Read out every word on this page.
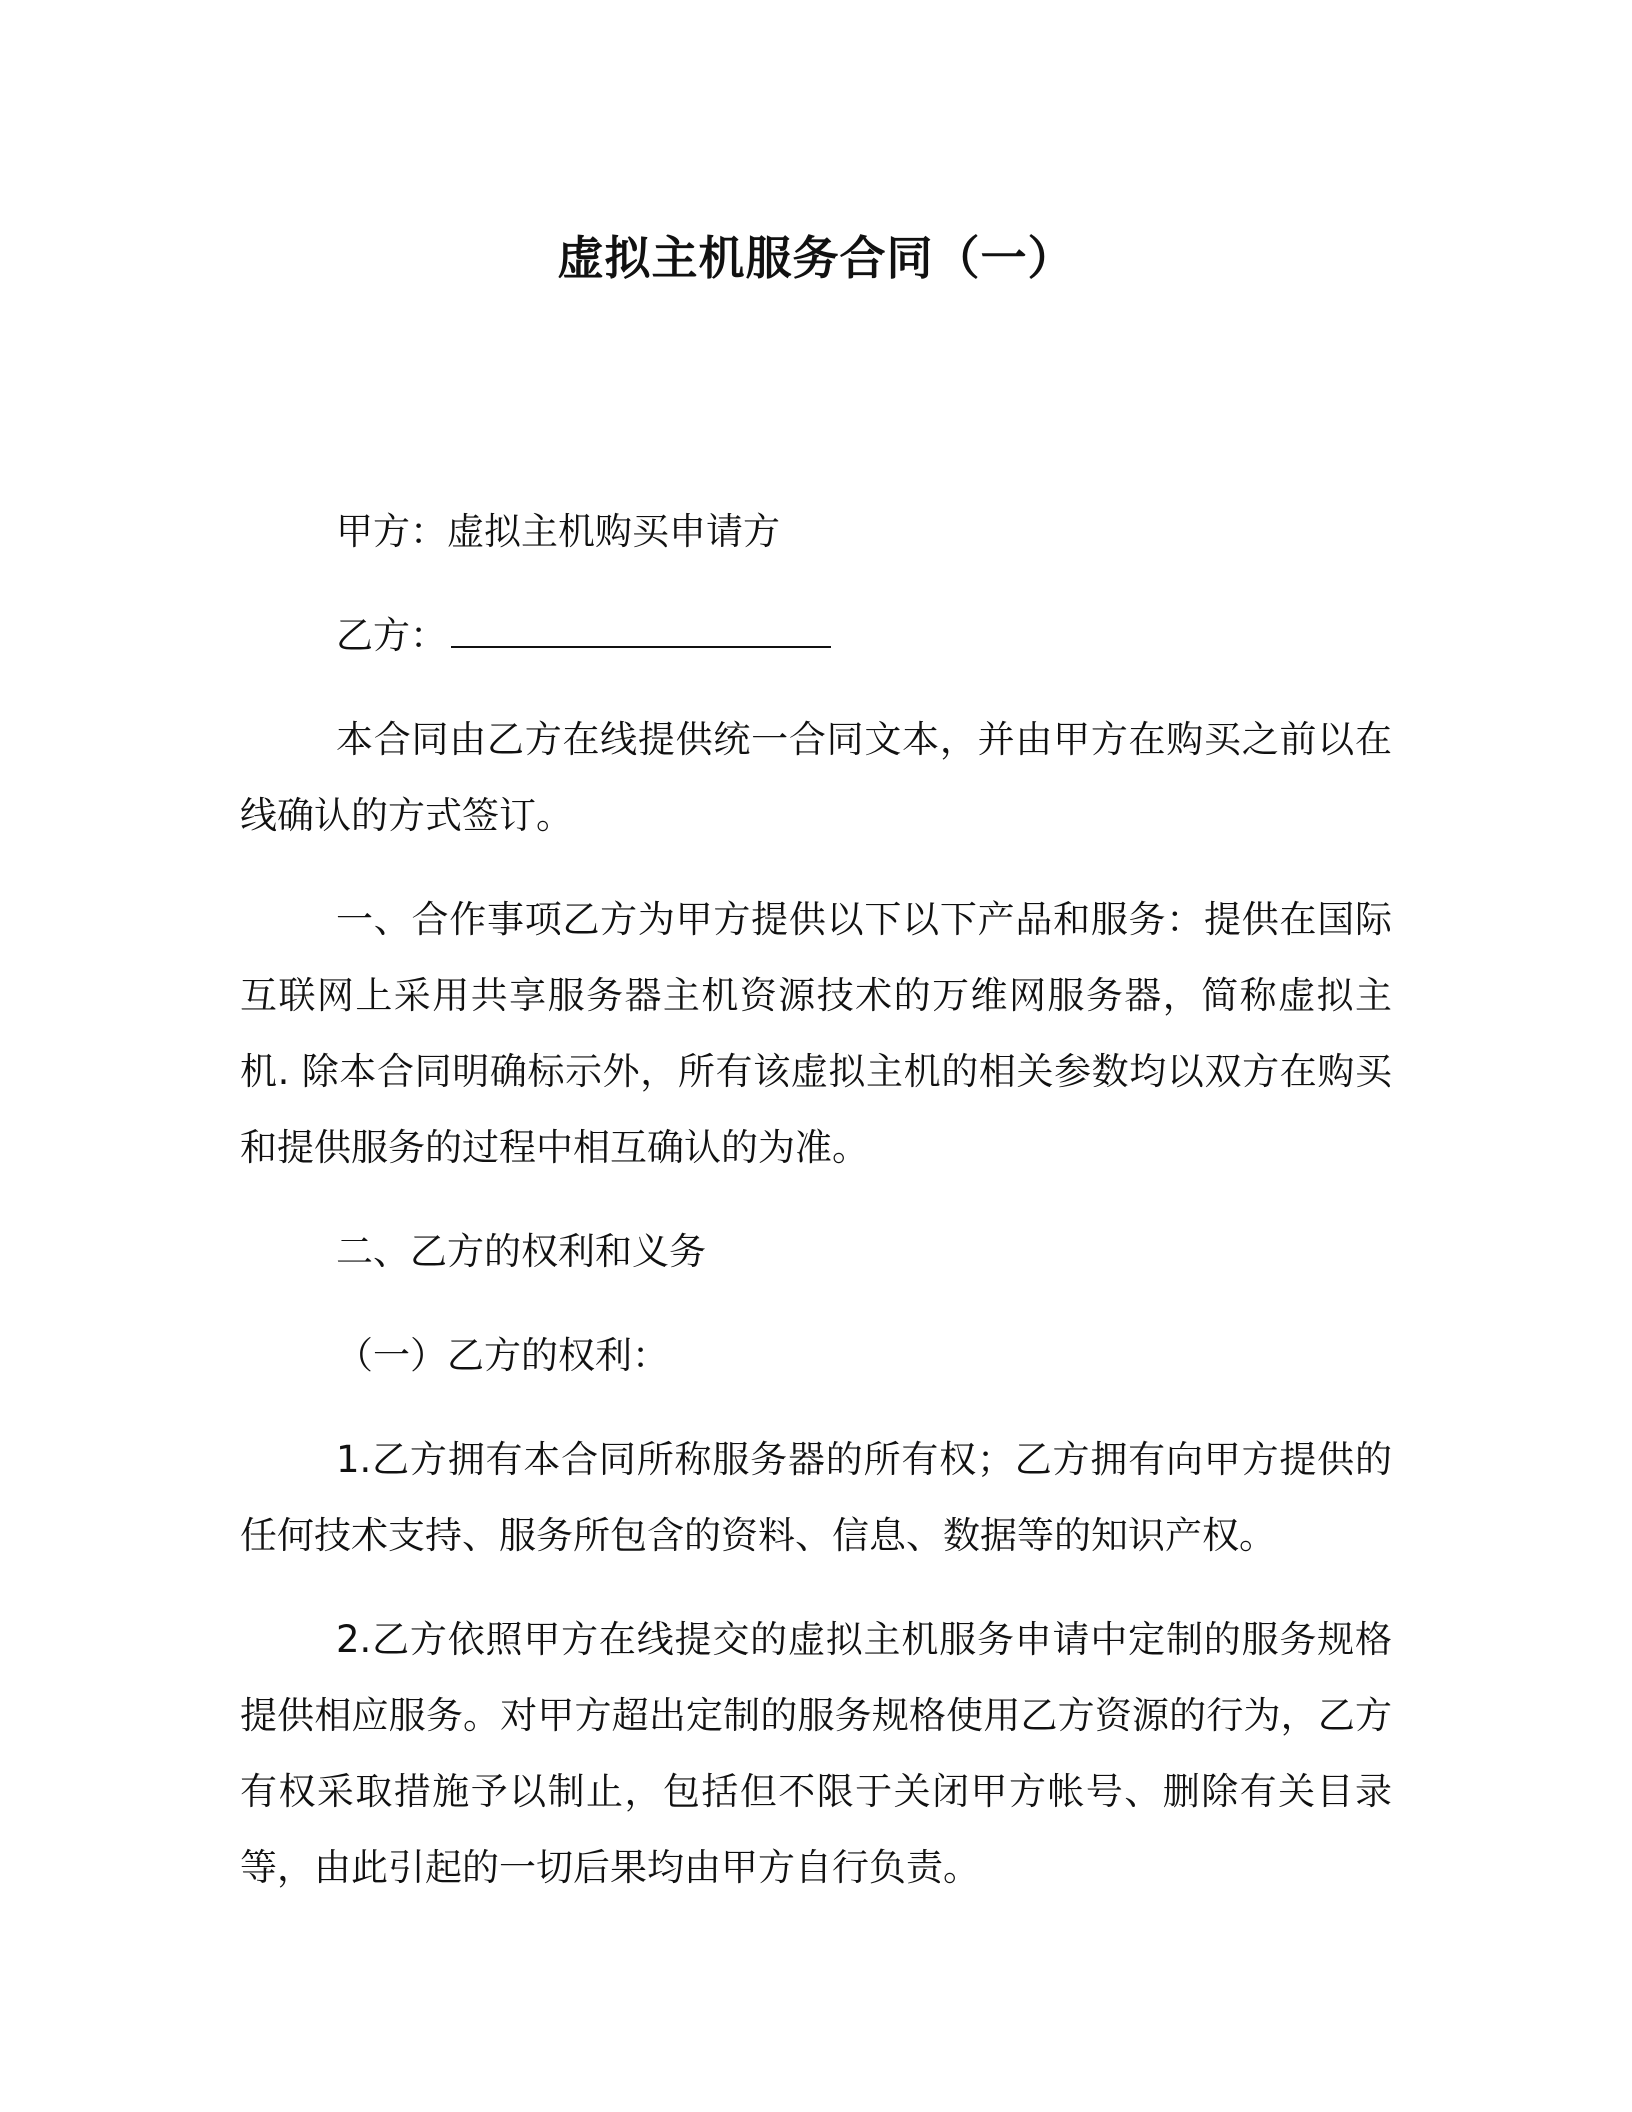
虚拟主机服务合同（一）

甲方：虚拟主机购买申请方

乙方：

本合同由乙方在线提供统一合同文本，并由甲方在购买之前以在线确认的方式签订。

一、合作事项乙方为甲方提供以下以下产品和服务：提供在国际互联网上采用共享服务器主机资源技术的万维网服务器，简称虚拟主机. 除本合同明确标示外，所有该虚拟主机的相关参数均以双方在购买和提供服务的过程中相互确认的为准。

二、乙方的权利和义务

（一）乙方的权利：

1.乙方拥有本合同所称服务器的所有权；乙方拥有向甲方提供的任何技术支持、服务所包含的资料、信息、数据等的知识产权。

2.乙方依照甲方在线提交的虚拟主机服务申请中定制的服务规格提供相应服务。对甲方超出定制的服务规格使用乙方资源的行为，乙方有权采取措施予以制止，包括但不限于关闭甲方帐号、删除有关目录等，由此引起的一切后果均由甲方自行负责。
